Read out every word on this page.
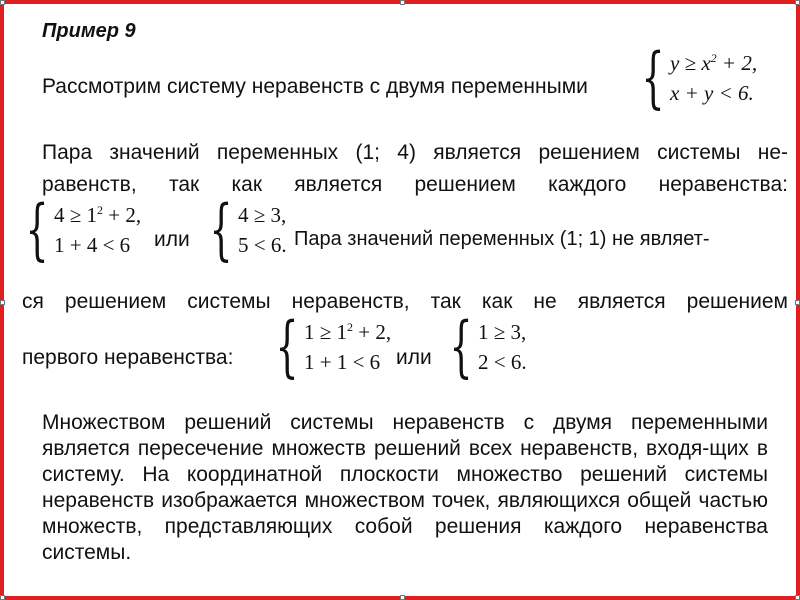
Пример 9
Рассмотрим систему неравенств с двумя переменными { $y \ge x^2 + 2$,
x + y < 6.
Пара значений переменных (1; 4) является решением системы не-
равенств, так как является решением каждого неравенства:
{ $4 \ge 1^2 + 2$,
1 + 4 < 6	или { 4 ≥ 3,
5 < 6. Пара значений переменных (1; 1) не являет-
ся решением системы неравенств, так как не является решением
первого неравенства: { $1 \ge 1^2 + 2$,
1 + 1 < 6 или { 1 ≥ 3,
2 < 6.
Множеством решений системы неравенств с двумя переменными является пересечение множеств решений всех неравенств, входя-щих в систему. На координатной плоскости множество решений системы неравенств изображается множеством точек, являющихся общей частью множеств, представляющих собой решения каждого неравенства системы.
